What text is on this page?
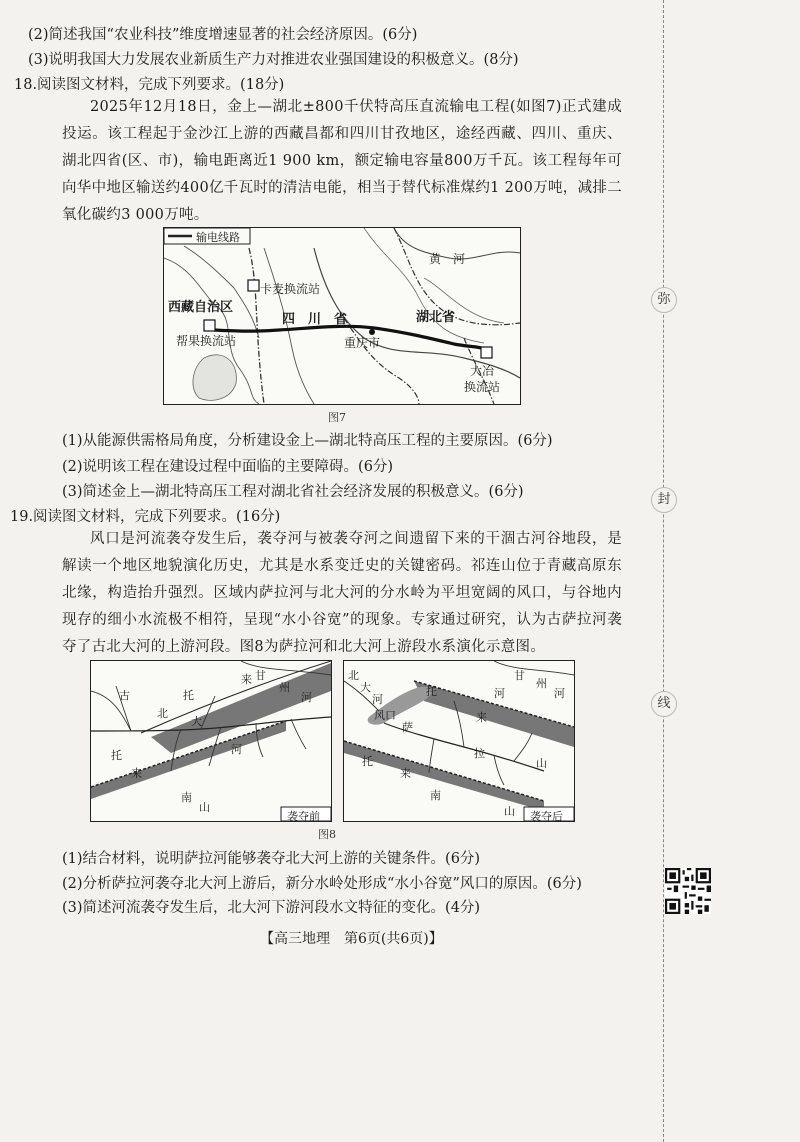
(2)简述我国“农业科技”维度增速显著的社会经济原因。(6分)
(3)说明我国大力发展农业新质生产力对推进农业强国建设的积极意义。(8分)
18.阅读图文材料，完成下列要求。(18分)
2025年12月18日，金上—湖北±800千伏特高压直流输电工程(如图7)正式建成投运。该工程起于金沙江上游的西藏昌都和四川甘孜地区，途经西藏、四川、重庆、湖北四省(区、市)，输电距离近1 900 km，额定输电容量800万千瓦。该工程每年可向华中地区输送约400亿千瓦时的清洁电能，相当于替代标准煤约1 200万吨，减排二氧化碳约3 000万吨。
输电线路
卡麦换流站
西藏自治区
四　川　省	湖北省
帮果换流站	重庆市
大冶
换流站
黄　河
图7
(1)从能源供需格局角度，分析建设金上—湖北特高压工程的主要原因。(6分)
(2)说明该工程在建设过程中面临的主要障碍。(6分)
(3)简述金上—湖北特高压工程对湖北省社会经济发展的积极意义。(6分)
19.阅读图文材料，完成下列要求。(16分)
风口是河流袭夺发生后，袭夺河与被袭夺河之间遗留下来的干涸古河谷地段，是解读一个地区地貌演化历史，尤其是水系变迁史的关键密码。祁连山位于青藏高原东北缘，构造抬升强烈。区域内萨拉河与北大河的分水岭为平坦宽阔的风口，与谷地内现存的细小水流极不相符，呈现“水小谷宽”的现象。专家通过研究，认为古萨拉河袭夺了古北大河的上游河段。图8为萨拉河和北大河上游段水系演化示意图。
甘
州
河
托
来
古
北
大
河
托
来
南
山
袭夺前
甘
州
河
北
大
河
风口
萨
拉
河
托
来
山
托
来
南
山 袭夺后
图8
(1)结合材料，说明萨拉河能够袭夺北大河上游的关键条件。(6分)
(2)分析萨拉河袭夺北大河上游后，新分水岭处形成“水小谷宽”风口的原因。(6分)
(3)简述河流袭夺发生后，北大河下游河段水文特征的变化。(4分)
【高三地理　第6页(共6页)】
弥
封
线
